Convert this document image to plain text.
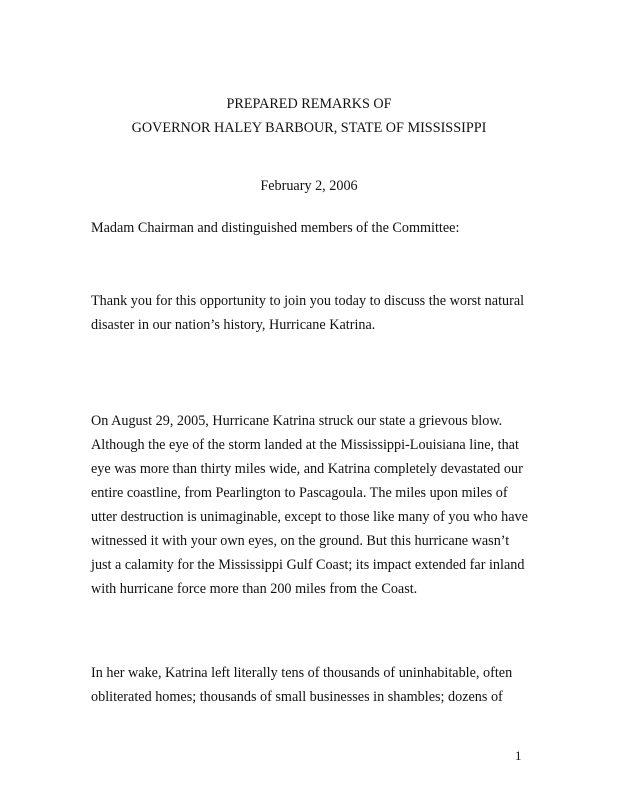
PREPARED REMARKS OF
GOVERNOR HALEY BARBOUR, STATE OF MISSISSIPPI
February 2, 2006
Madam Chairman and distinguished members of the Committee:
Thank you for this opportunity to join you today to discuss the worst natural
disaster in our nation’s history, Hurricane Katrina.
On August 29, 2005, Hurricane Katrina struck our state a grievous blow.
Although the eye of the storm landed at the Mississippi-Louisiana line, that
eye was more than thirty miles wide, and Katrina completely devastated our
entire coastline, from Pearlington to Pascagoula. The miles upon miles of
utter destruction is unimaginable, except to those like many of you who have
witnessed it with your own eyes, on the ground. But this hurricane wasn’t
just a calamity for the Mississippi Gulf Coast; its impact extended far inland
with hurricane force more than 200 miles from the Coast.
In her wake, Katrina left literally tens of thousands of uninhabitable, often
obliterated homes; thousands of small businesses in shambles; dozens of
1
